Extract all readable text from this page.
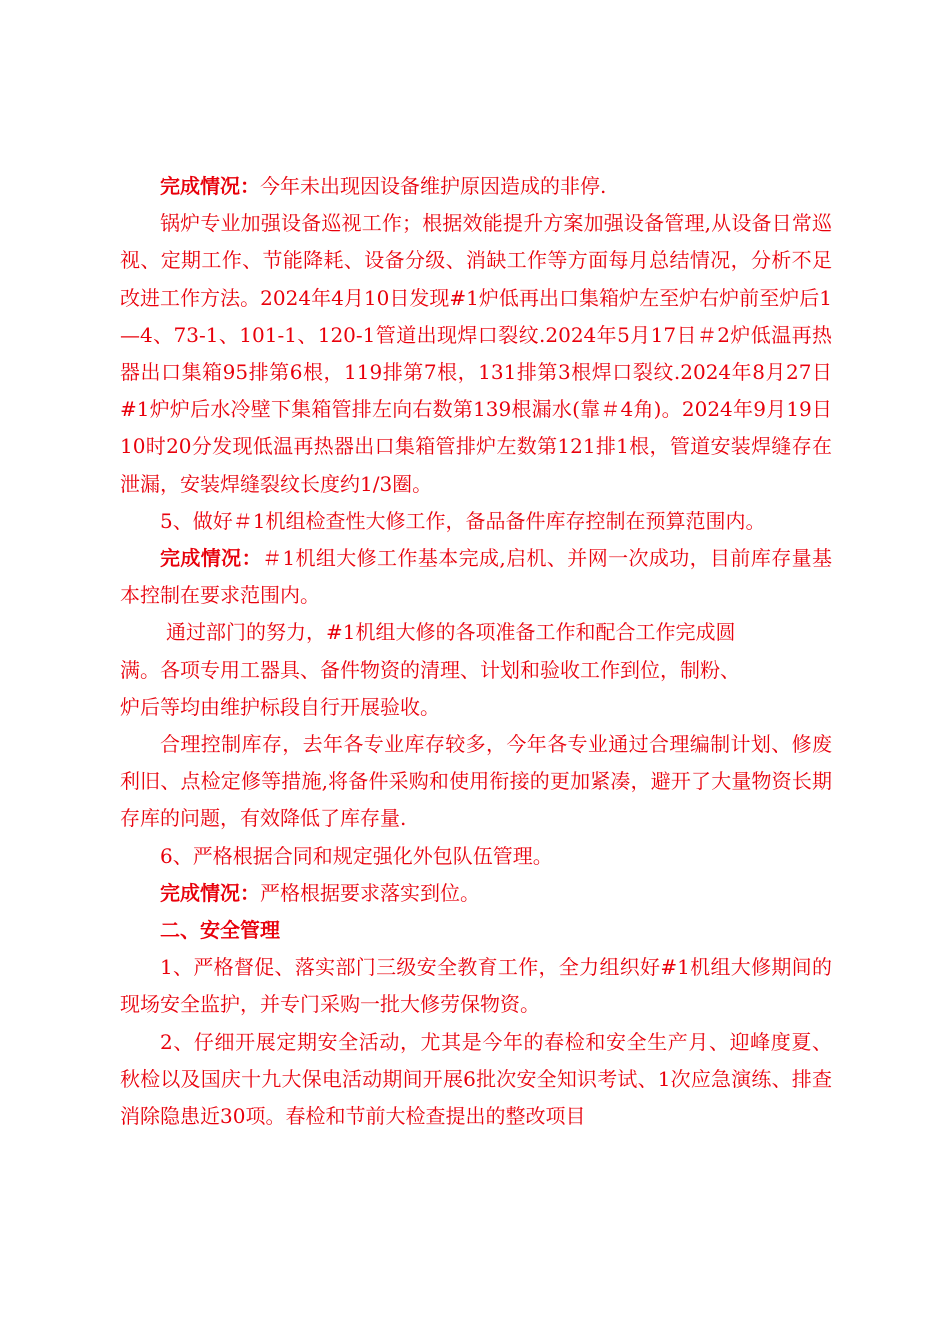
完成情况：今年未出现因设备维护原因造成的非停.

锅炉专业加强设备巡视工作；根据效能提升方案加强设备管理,从设备日常巡视、定期工作、节能降耗、设备分级、消缺工作等方面每月总结情况，分析不足改进工作方法。2024年4月10日发现#1炉低再出口集箱炉左至炉右炉前至炉后1—4、73-1、101-1、120-1管道出现焊口裂纹.2024年5月17日＃2炉低温再热器出口集箱95排第6根，119排第7根，131排第3根焊口裂纹.2024年8月27日#1炉炉后水冷壁下集箱管排左向右数第139根漏水(靠＃4角)。2024年9月19日10时20分发现低温再热器出口集箱管排炉左数第121排1根，管道安装焊缝存在泄漏，安装焊缝裂纹长度约1/3圈。

5、做好＃1机组检查性大修工作，备品备件库存控制在预算范围内。

完成情况：＃1机组大修工作基本完成,启机、并网一次成功，目前库存量基本控制在要求范围内。

通过部门的努力，#1机组大修的各项准备工作和配合工作完成圆
满。各项专用工器具、备件物资的清理、计划和验收工作到位，制粉、
炉后等均由维护标段自行开展验收。

合理控制库存，去年各专业库存较多，今年各专业通过合理编制计划、修废利旧、点检定修等措施,将备件采购和使用衔接的更加紧凑，避开了大量物资长期存库的问题，有效降低了库存量.

6、严格根据合同和规定强化外包队伍管理。

完成情况：严格根据要求落实到位。

二、安全管理

1、严格督促、落实部门三级安全教育工作，全力组织好#1机组大修期间的现场安全监护，并专门采购一批大修劳保物资。

2、仔细开展定期安全活动，尤其是今年的春检和安全生产月、迎峰度夏、秋检以及国庆十九大保电活动期间开展6批次安全知识考试、1次应急演练、排查消除隐患近30项。春检和节前大检查提出的整改项目
